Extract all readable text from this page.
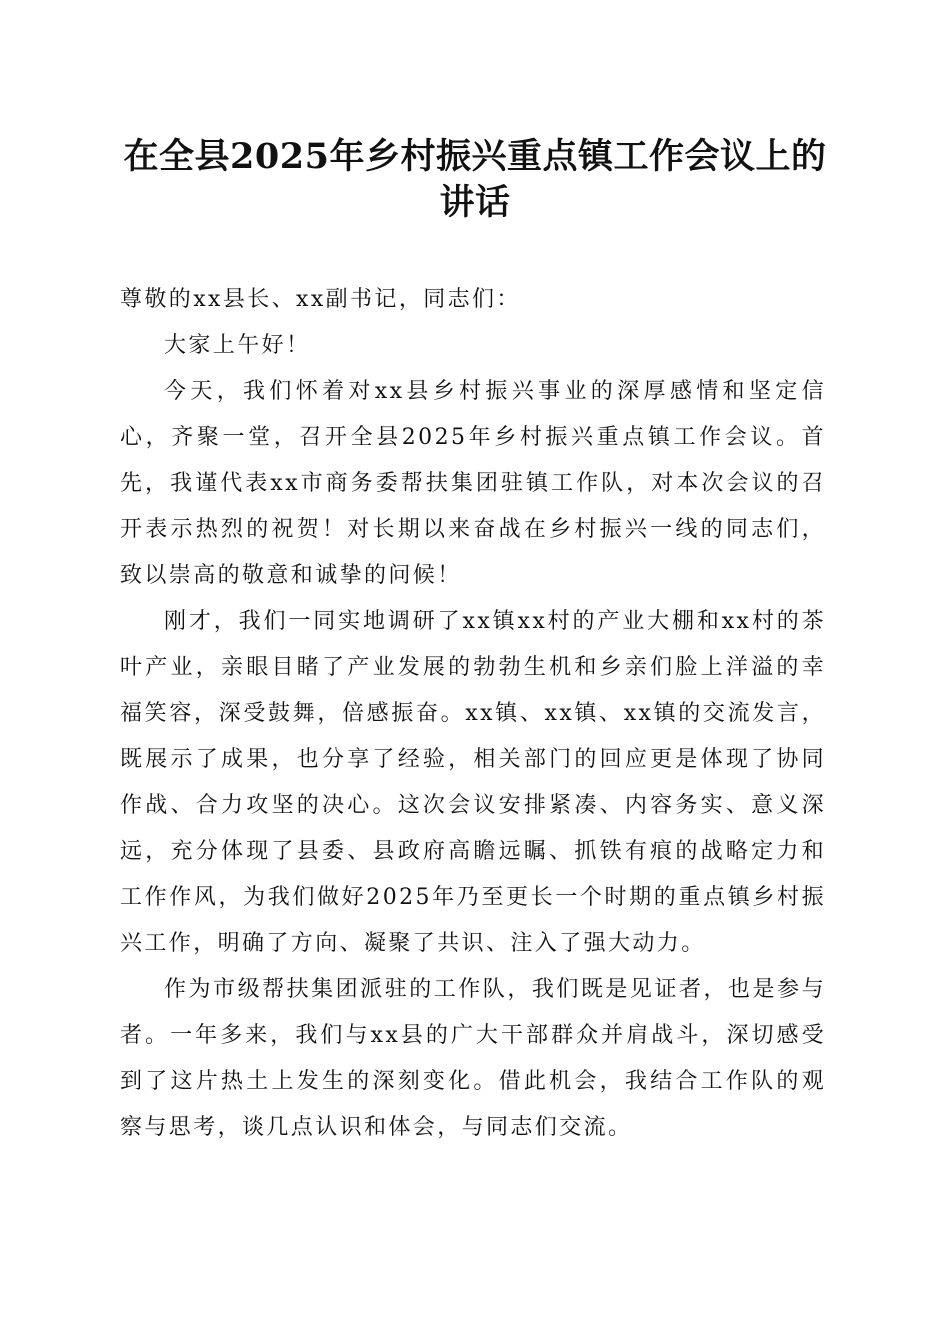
在全县2025年乡村振兴重点镇工作会议上的讲话

尊敬的xx县长、xx副书记，同志们：

大家上午好！

今天，我们怀着对xx县乡村振兴事业的深厚感情和坚定信心，齐聚一堂，召开全县2025年乡村振兴重点镇工作会议。首先，我谨代表xx市商务委帮扶集团驻镇工作队，对本次会议的召开表示热烈的祝贺！对长期以来奋战在乡村振兴一线的同志们，致以崇高的敬意和诚挚的问候！

刚才，我们一同实地调研了xx镇xx村的产业大棚和xx村的茶叶产业，亲眼目睹了产业发展的勃勃生机和乡亲们脸上洋溢的幸福笑容，深受鼓舞，倍感振奋。xx镇、xx镇、xx镇的交流发言，既展示了成果，也分享了经验，相关部门的回应更是体现了协同作战、合力攻坚的决心。这次会议安排紧凑、内容务实、意义深远，充分体现了县委、县政府高瞻远瞩、抓铁有痕的战略定力和工作作风，为我们做好2025年乃至更长一个时期的重点镇乡村振兴工作，明确了方向、凝聚了共识、注入了强大动力。

作为市级帮扶集团派驻的工作队，我们既是见证者，也是参与者。一年多来，我们与xx县的广大干部群众并肩战斗，深切感受到了这片热土上发生的深刻变化。借此机会，我结合工作队的观察与思考，谈几点认识和体会，与同志们交流。
